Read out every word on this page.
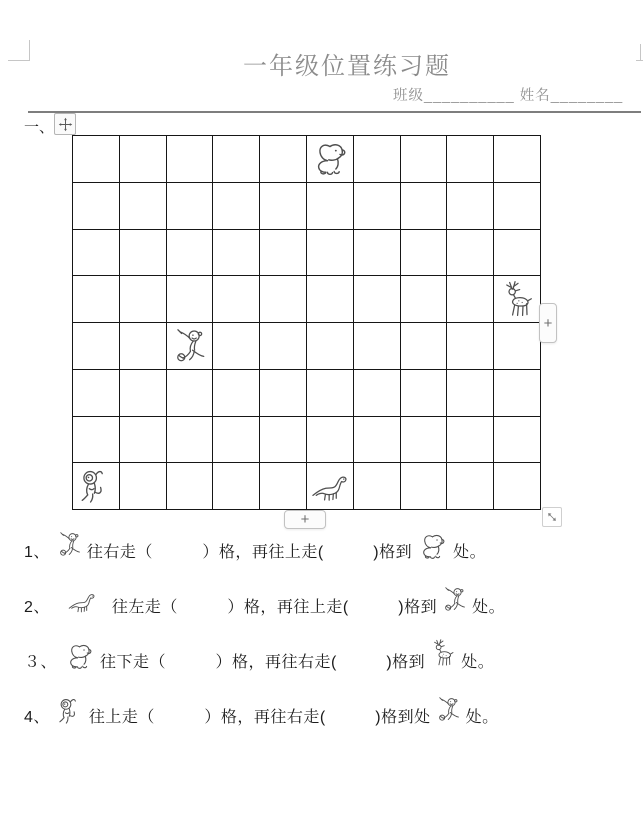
一年级位置练习题
班级__________ 姓名________
一、
+
+
1、 往右走（　　　）格，再往上走(　　　)格到	处。
2、	往左走（　　　）格，再往上走(　　　)格到 处。
３、	往下走（　　　）格，再往右走(　　　)格到 处。
4、 往上走（　　　）格，再往右走(　　　)格到处 处。
